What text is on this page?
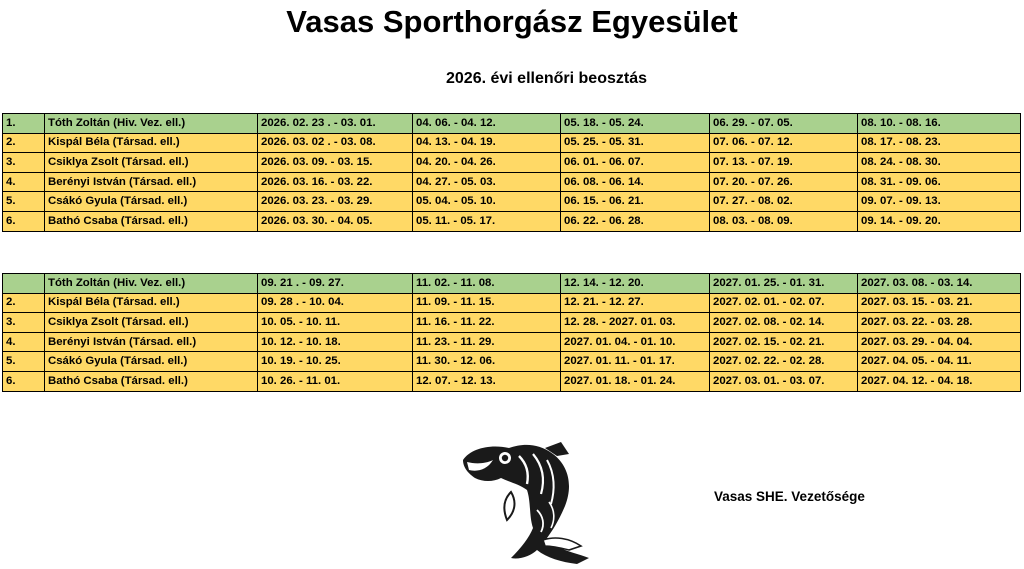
Vasas Sporthorgász Egyesület
2026. évi ellenőri beosztás
1.	Tóth Zoltán (Hiv. Vez. ell.)	2026. 02. 23 . - 03. 01.	04. 06. - 04. 12.	05. 18. - 05. 24.	06. 29. - 07. 05.	08. 10. - 08. 16.
2.	Kispál Béla (Társad. ell.)	2026. 03. 02 . - 03. 08.	04. 13. - 04. 19.	05. 25. - 05. 31.	07. 06. - 07. 12.	08. 17. - 08. 23.
3.	Csiklya Zsolt (Társad. ell.)	2026. 03. 09. - 03. 15.	04. 20. - 04. 26.	06. 01. - 06. 07.	07. 13. - 07. 19.	08. 24. - 08. 30.
4.	Berényi István (Társad. ell.)	2026. 03. 16. - 03. 22.	04. 27. - 05. 03.	06. 08. - 06. 14.	07. 20. - 07. 26.	08. 31. - 09. 06.
5.	Csákó Gyula (Társad. ell.)	2026. 03. 23. - 03. 29.	05. 04. - 05. 10.	06. 15. - 06. 21.	07. 27. - 08. 02.	09. 07. - 09. 13.
6.	Bathó Csaba (Társad. ell.)	2026. 03. 30. - 04. 05.	05. 11. - 05. 17.	06. 22. - 06. 28.	08. 03. - 08. 09.	09. 14. - 09. 20.
	Tóth Zoltán (Hiv. Vez. ell.)	09. 21 . - 09. 27.	11. 02. - 11. 08.	12. 14. - 12. 20.	2027. 01. 25. - 01. 31.	2027. 03. 08. - 03. 14.
2.	Kispál Béla (Társad. ell.)	09. 28 . - 10. 04.	11. 09. - 11. 15.	12. 21. - 12. 27.	2027. 02. 01. - 02. 07.	2027. 03. 15. - 03. 21.
3.	Csiklya Zsolt (Társad. ell.)	10. 05. - 10. 11.	11. 16. - 11. 22.	12. 28. - 2027. 01. 03.	2027. 02. 08. - 02. 14.	2027. 03. 22. - 03. 28.
4.	Berényi István (Társad. ell.)	10. 12. - 10. 18.	11. 23. - 11. 29.	2027. 01. 04. - 01. 10.	2027. 02. 15. - 02. 21.	2027. 03. 29. - 04. 04.
5.	Csákó Gyula (Társad. ell.)	10. 19. - 10. 25.	11. 30. - 12. 06.	2027. 01. 11. - 01. 17.	2027. 02. 22. - 02. 28.	2027. 04. 05. - 04. 11.
6.	Bathó Csaba (Társad. ell.)	10. 26. - 11. 01.	12. 07. - 12. 13.	2027. 01. 18. - 01. 24.	2027. 03. 01. - 03. 07.	2027. 04. 12. - 04. 18.
Vasas SHE. Vezetősége
